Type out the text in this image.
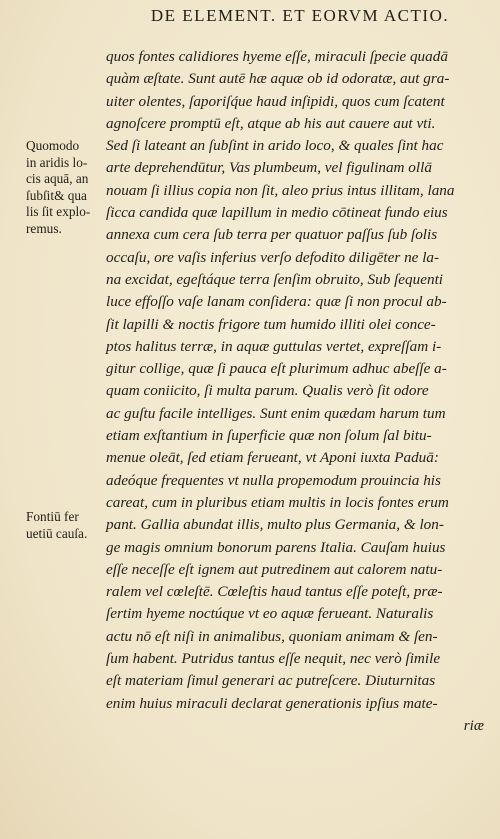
DE ELEMENT. ET EORVM ACTIO.
Quomodo
in aridis lo-
cis aquā, an
ſubſit& qua
lis ſit explo-
remus.
Fontiū fer
uetiū cauſa.
quos fontes calidiores hyeme eſſe, miraculi ſpecie quadā
quàm æſtate. Sunt autē hæ aquæ ob id odoratæ, aut gra-
uiter olentes, ſaporiſq́ue haud inſipidi, quos cum ſcatent
agnoſcere promptū eſt, atque ab his aut cauere aut vti.
Sed ſi lateant an ſubſint in arido loco, & quales ſint hac
arte deprehendūtur, Vas plumbeum, vel figulinam ollā
nouam ſi illius copia non ſit, aleo prius intus illitam, lana
ſicca candida quæ lapillum in medio cōtineat fundo eius
annexa cum cera ſub terra per quatuor paſſus ſub ſolis
occaſu, ore vaſis inferius verſo defodito diligēter ne la-
na excidat, egeſtáque terra ſenſim obruito, Sub ſequenti
luce effoſſo vaſe lanam conſidera: quæ ſi non procul ab-
ſit lapilli & noctis frigore tum humido illiti olei conce-
ptos halitus terræ, in aquæ guttulas vertet, expreſſam i-
gitur collige, quæ ſi pauca eſt plurimum adhuc abeſſe a-
quam coniicito, ſi multa parum. Qualis verò ſit odore
ac guſtu facile intelliges. Sunt enim quædam harum tum
etiam exſtantium in ſuperficie quæ non ſolum ſal bitu-
menue oleāt, ſed etiam ferueant, vt Aponi iuxta Paduā:
adeóque frequentes vt nulla propemodum prouincia his
careat, cum in pluribus etiam multis in locis fontes erum
pant. Gallia abundat illis, multo plus Germania, & lon-
ge magis omnium bonorum parens Italia. Cauſam huius
eſſe neceſſe eſt ignem aut putredinem aut calorem natu-
ralem vel cœleſtē. Cœleſtis haud tantus eſſe poteſt, præ-
ſertim hyeme noctúque vt eo aquæ ferueant. Naturalis
actu nō eſt niſi in animalibus, quoniam animam & ſen-
ſum habent. Putridus tantus eſſe nequit, nec verò ſimile
eſt materiam ſimul generari ac putreſcere. Diuturnitas
enim huius miraculi declarat generationis ipſius mate-
riæ
